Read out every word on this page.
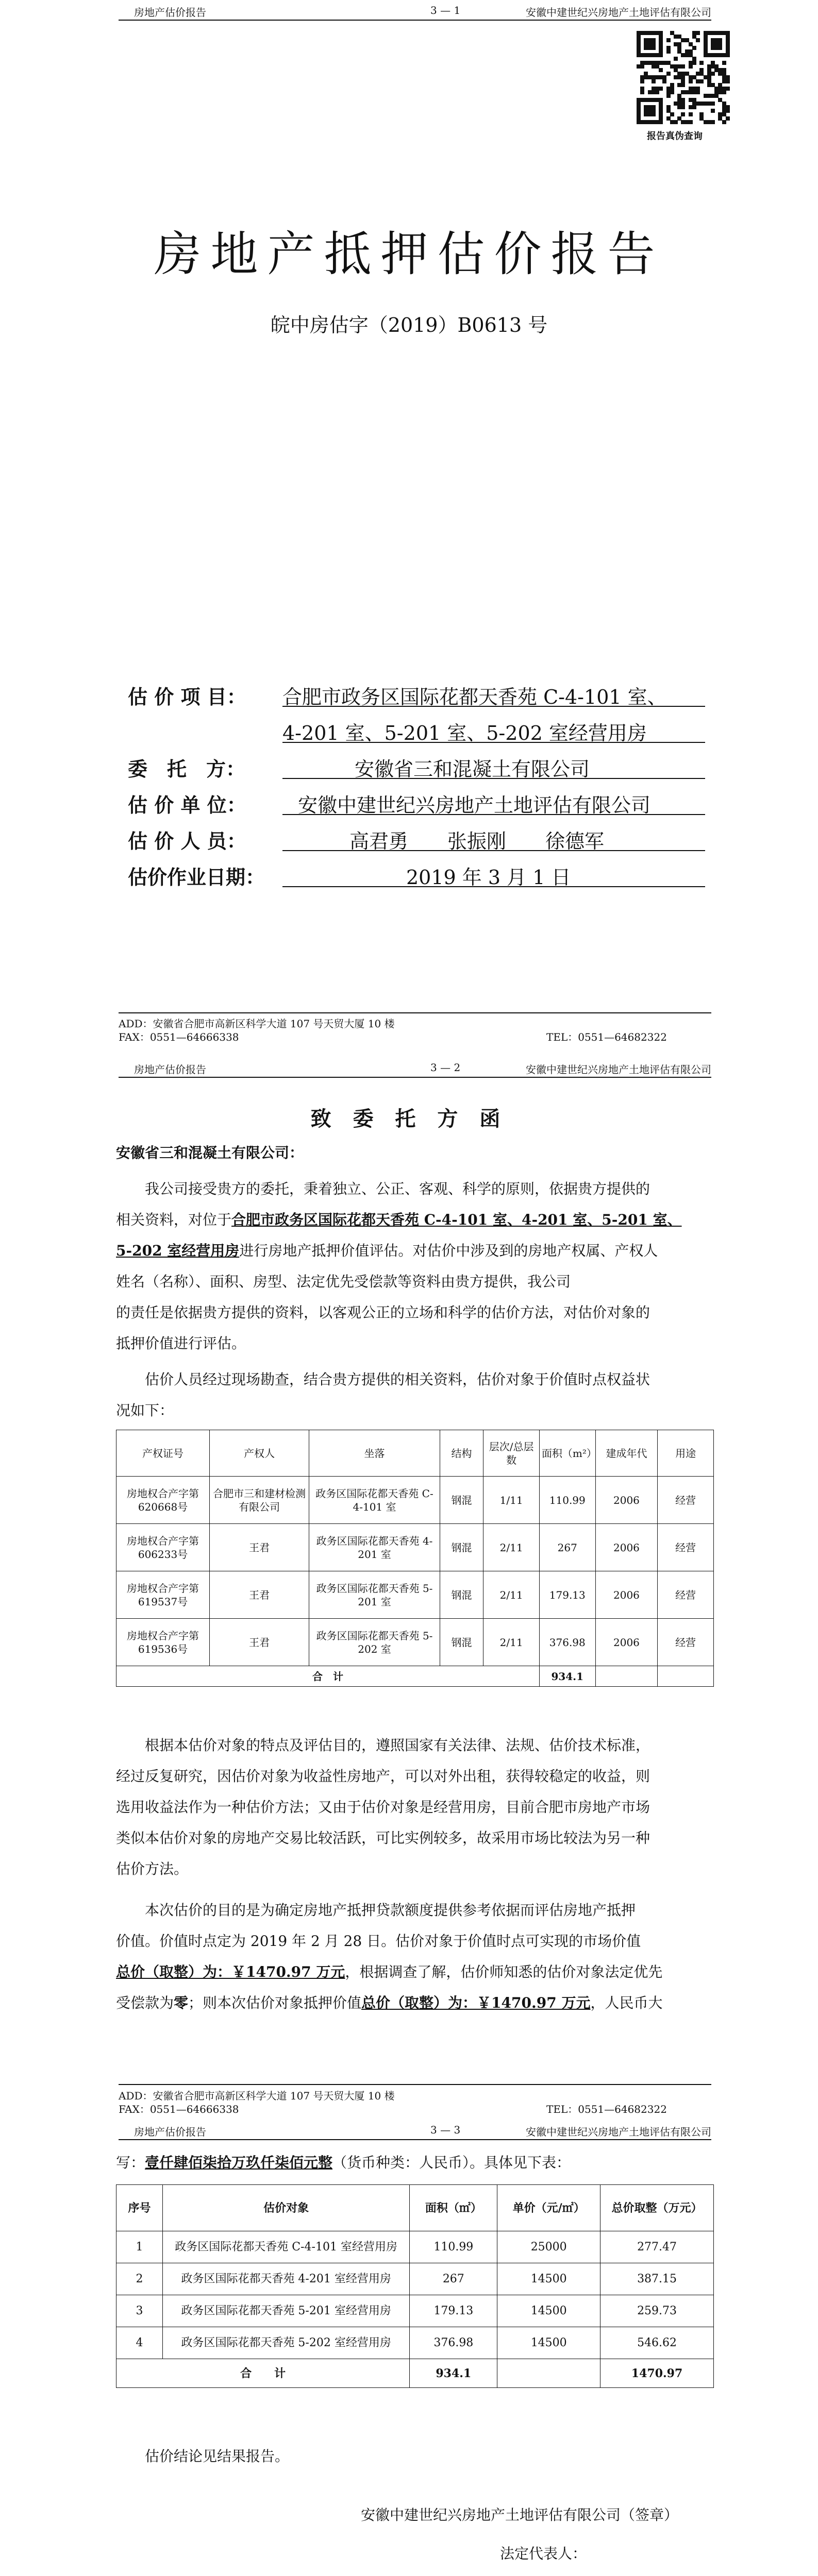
房地产估价报告	3 — 1	安徽中建世纪兴房地产土地评估有限公司
报告真伪查询
房地产抵押估价报告
皖中房估字（2019）B0613 号
估 价 项 目： 合肥市政务区国际花都天香苑 C-4-101 室、
4-201 室、5-201 室、5-202 室经营用房
委　托　方：	安徽省三和混凝土有限公司
估 价 单 位：	安徽中建世纪兴房地产土地评估有限公司
估 价 人 员：	高君勇　　张振刚　　徐德军
估价作业日期：	2019 年 3 月 1 日
ADD：安徽省合肥市高新区科学大道 107 号天贸大厦 10 楼
FAX：0551—64666338	TEL：0551—64682322
房地产估价报告	3 — 2	安徽中建世纪兴房地产土地评估有限公司
致 委 托 方 函
安徽省三和混凝土有限公司：
我公司接受贵方的委托，秉着独立、公正、客观、科学的原则，依据贵方提供的
相关资料，对位于合肥市政务区国际花都天香苑 C-4-101 室、4-201 室、5-201 室、
5-202 室经营用房进行房地产抵押价值评估。对估价中涉及到的房地产权属、产权人
姓名（名称）、面积、房型、法定优先受偿款等资料由贵方提供，我公司
的责任是依据贵方提供的资料，以客观公正的立场和科学的估价方法，对估价对象的
抵押价值进行评估。
估价人员经过现场勘查，结合贵方提供的相关资料，估价对象于价值时点权益状
况如下：
产权证号	产权人	坐落	结构	层次/总层数	面积（m²）	建成年代	用途
房地权合产字第620668号	合肥市三和建材检测有限公司	政务区国际花都天香苑 C-4-101 室	钢混	1/11	110.99	2006	经营
房地权合产字第606233号	王君	政务区国际花都天香苑 4-201 室	钢混	2/11	267	2006	经营
房地权合产字第619537号	王君	政务区国际花都天香苑 5-201 室	钢混	2/11	179.13	2006	经营
房地权合产字第619536号	王君	政务区国际花都天香苑 5-202 室	钢混	2/11	376.98	2006	经营
合　计					934.1		
根据本估价对象的特点及评估目的，遵照国家有关法律、法规、估价技术标准，
经过反复研究，因估价对象为收益性房地产，可以对外出租，获得较稳定的收益，则
选用收益法作为一种估价方法；又由于估价对象是经营用房，目前合肥市房地产市场
类似本估价对象的房地产交易比较活跃，可比实例较多，故采用市场比较法为另一种
估价方法。
本次估价的目的是为确定房地产抵押贷款额度提供参考依据而评估房地产抵押
价值。价值时点定为 2019 年 2 月 28 日。估价对象于价值时点可实现的市场价值
总价（取整）为：￥1470.97 万元，根据调查了解，估价师知悉的估价对象法定优先
受偿款为零；则本次估价对象抵押价值总价（取整）为：￥1470.97 万元，人民币大
ADD：安徽省合肥市高新区科学大道 107 号天贸大厦 10 楼
FAX：0551—64666338	TEL：0551—64682322
房地产估价报告	3 — 3	安徽中建世纪兴房地产土地评估有限公司
写：壹仟肆佰柒拾万玖仟柒佰元整（货币种类：人民币）。具体见下表：
序号	估价对象	面积（㎡）	单价（元/㎡）	总价取整（万元）
1	政务区国际花都天香苑 C-4-101 室经营用房	110.99	25000	277.47
2	政务区国际花都天香苑 4-201 室经营用房	267	14500	387.15
3	政务区国际花都天香苑 5-201 室经营用房	179.13	14500	259.73
4	政务区国际花都天香苑 5-202 室经营用房	376.98	14500	546.62
合　　计		934.1		1470.97
估价结论见结果报告。
安徽中建世纪兴房地产土地评估有限公司（签章）
法定代表人：
